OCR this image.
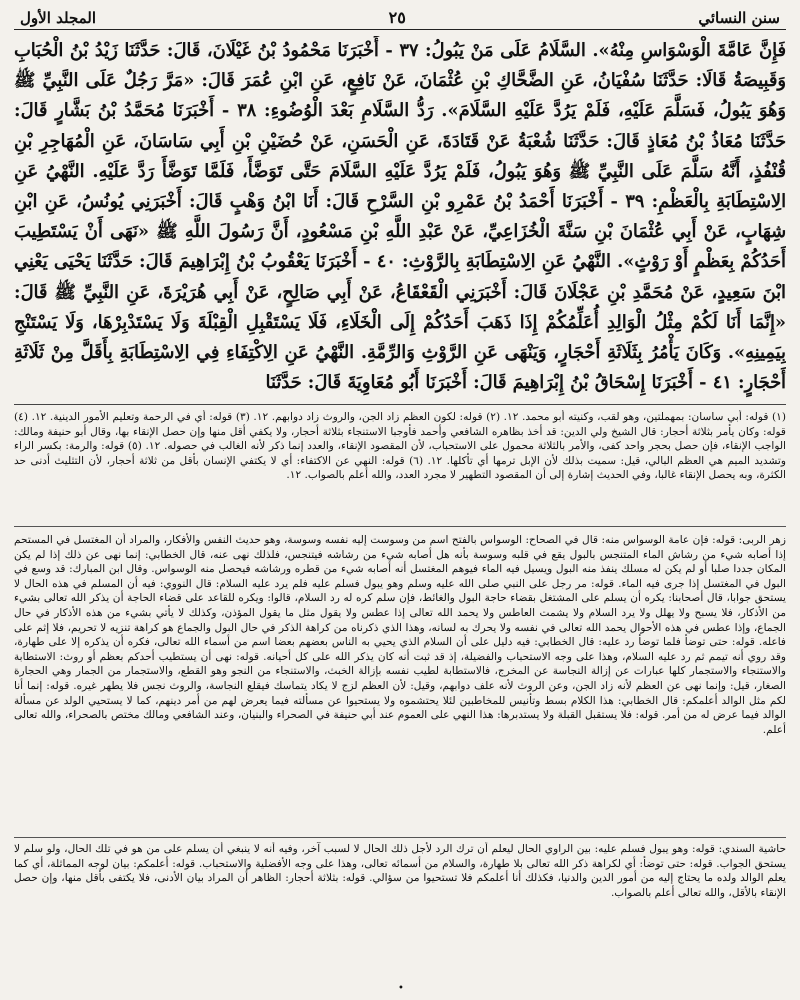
سنن النسائي
٢٥
المجلد الأول
فَإِنَّ عَامَّةَ الْوَسْوَاسِ مِنْهُ». السَّلَامُ عَلَى مَنْ يَبُولُ: ٣٧ - أَخْبَرَنَا مَحْمُودُ بْنُ غَيْلَانَ، قَالَ: حَدَّثَنَا زَيْدُ بْنُ الْحُبَابِ وَقَبِيصَةُ قَالَا: حَدَّثَنَا سُفْيَانُ، عَنِ الضَّحَّاكِ بْنِ عُثْمَانَ، عَنْ نَافِعٍ، عَنِ ابْنِ عُمَرَ قَالَ: «مَرَّ رَجُلٌ عَلَى النَّبِيِّ ﷺ وَهُوَ يَبُولُ، فَسَلَّمَ عَلَيْهِ، فَلَمْ يَرُدَّ عَلَيْهِ السَّلَامَ». رَدُّ السَّلَامِ بَعْدَ الْوُضُوءِ: ٣٨ - أَخْبَرَنَا مُحَمَّدُ بْنُ بَشَّارٍ قَالَ: حَدَّثَنَا مُعَاذُ بْنُ مُعَاذٍ قَالَ: حَدَّثَنَا شُعْبَةُ عَنْ قَتَادَةَ، عَنِ الْحَسَنِ، عَنْ حُضَيْنِ بْنِ أَبِي سَاسَانَ، عَنِ الْمُهَاجِرِ بْنِ قُنْفُذٍ، أَنَّهُ سَلَّمَ عَلَى النَّبِيِّ ﷺ وَهُوَ يَبُولُ، فَلَمْ يَرُدَّ عَلَيْهِ السَّلَامَ حَتَّى تَوَضَّأَ، فَلَمَّا تَوَضَّأَ رَدَّ عَلَيْهِ. النَّهْيُ عَنِ الِاسْتِطَابَةِ بِالْعَظْمِ: ٣٩ - أَخْبَرَنَا أَحْمَدُ بْنُ عَمْرِو بْنِ السَّرْحِ قَالَ: أَنَا ابْنُ وَهْبٍ قَالَ: أَخْبَرَنِي يُونُسُ، عَنِ ابْنِ شِهَابٍ، عَنْ أَبِي عُثْمَانَ بْنِ سَنَّةَ الْخُزَاعِيِّ، عَنْ عَبْدِ اللَّهِ بْنِ مَسْعُودٍ، أَنَّ رَسُولَ اللَّهِ ﷺ «نَهَى أَنْ يَسْتَطِيبَ أَحَدُكُمْ بِعَظْمٍ أَوْ رَوْثٍ». النَّهْيُ عَنِ الِاسْتِطَابَةِ بِالرَّوْثِ: ٤٠ - أَخْبَرَنَا يَعْقُوبُ بْنُ إِبْرَاهِيمَ قَالَ: حَدَّثَنَا يَحْيَى يَعْنِي ابْنَ سَعِيدٍ، عَنْ مُحَمَّدِ بْنِ عَجْلَانَ قَالَ: أَخْبَرَنِي الْقَعْقَاعُ، عَنْ أَبِي صَالِحٍ، عَنْ أَبِي هُرَيْرَةَ، عَنِ النَّبِيِّ ﷺ قَالَ: «إِنَّمَا أَنَا لَكُمْ مِثْلُ الْوَالِدِ أُعَلِّمُكُمْ إِذَا ذَهَبَ أَحَدُكُمْ إِلَى الْخَلَاءِ، فَلَا يَسْتَقْبِلِ الْقِبْلَةَ وَلَا يَسْتَدْبِرْهَا، وَلَا يَسْتَنْجِ بِيَمِينِهِ». وَكَانَ يَأْمُرُ بِثَلَاثَةِ أَحْجَارٍ، وَيَنْهَى عَنِ الرَّوْثِ وَالرِّمَّةِ. النَّهْيُ عَنِ الِاكْتِفَاءِ فِي الِاسْتِطَابَةِ بِأَقَلَّ مِنْ ثَلَاثَةِ أَحْجَارٍ: ٤١ - أَخْبَرَنَا إِسْحَاقُ بْنُ إِبْرَاهِيمَ قَالَ: أَخْبَرَنَا أَبُو مُعَاوِيَةَ قَالَ: حَدَّثَنَا
(١) قوله: أبي ساسان: بمهملتين، وهو لقب، وكنيته أبو محمد. ١٢. (٢) قوله: لكون العظم زاد الجن، والروث زاد دوابهم. ١٢. (٣) قوله: أي في الرحمة وتعليم الأمور الدينية. ١٢. (٤) قوله: وكان يأمر بثلاثة أحجار: قال الشيخ ولي الدين: قد أخذ بظاهره الشافعي وأحمد فأوجبا الاستنجاء بثلاثة أحجار، ولا يكفي أقل منها وإن حصل الإنقاء بها، وقال أبو حنيفة ومالك: الواجب الإنقاء، فإن حصل بحجر واحد كفى، والأمر بالثلاثة محمول على الاستحباب، لأن المقصود الإنقاء، والعدد إنما ذكر لأنه الغالب في حصوله. ١٢. (٥) قوله: والرمة: بكسر الراء وتشديد الميم هي العظم البالي، قيل: سميت بذلك لأن الإبل ترمها أي تأكلها. ١٢. (٦) قوله: النهي عن الاكتفاء: أي لا يكتفي الإنسان بأقل من ثلاثة أحجار، لأن التثليث أدنى حد الكثرة، وبه يحصل الإنقاء غالبا، وفي الحديث إشارة إلى أن المقصود التطهير لا مجرد العدد، والله أعلم بالصواب. ١٢.
زهر الربى: قوله: فإن عامة الوسواس منه: قال في الصحاح: الوسواس بالفتح اسم من وسوست إليه نفسه وسوسة، وهو حديث النفس والأفكار، والمراد أن المغتسل في المستحم إذا أصابه شيء من رشاش الماء المتنجس بالبول يقع في قلبه وسوسة بأنه هل أصابه شيء من رشاشه فيتنجس، فلذلك نهى عنه، قال الخطابي: إنما نهى عن ذلك إذا لم يكن المكان جددا صلبا أو لم يكن له مسلك ينفذ منه البول ويسيل فيه الماء فيوهم المغتسل أنه أصابه شيء من قطره ورشاشه فيحصل منه الوسواس. وقال ابن المبارك: قد وسع في البول في المغتسل إذا جرى فيه الماء. قوله: مر رجل على النبي صلى الله عليه وسلم وهو يبول فسلم عليه فلم يرد عليه السلام: قال النووي: فيه أن المسلم في هذه الحال لا يستحق جوابا، قال أصحابنا: يكره أن يسلم على المشتغل بقضاء حاجة البول والغائط، فإن سلم كره له رد السلام، قالوا: ويكره للقاعد على قضاء الحاجة أن يذكر الله تعالى بشيء من الأذكار، فلا يسبح ولا يهلل ولا يرد السلام ولا يشمت العاطس ولا يحمد الله تعالى إذا عطس ولا يقول مثل ما يقول المؤذن، وكذلك لا يأتي بشيء من هذه الأذكار في حال الجماع، وإذا عطس في هذه الأحوال يحمد الله تعالى في نفسه ولا يحرك به لسانه، وهذا الذي ذكرناه من كراهة الذكر في حال البول والجماع هو كراهة تنزيه لا تحريم، فلا إثم على فاعله. قوله: حتى توضأ فلما توضأ رد عليه: قال الخطابي: فيه دليل على أن السلام الذي يحيي به الناس بعضهم بعضا اسم من أسماء الله تعالى، فكره أن يذكره إلا على طهارة، وقد روي أنه تيمم ثم رد عليه السلام، وهذا على وجه الاستحباب والفضيلة، إذ قد ثبت أنه كان يذكر الله على كل أحيانه. قوله: نهى أن يستطيب أحدكم بعظم أو روث: الاستطابة والاستنجاء والاستجمار كلها عبارات عن إزالة النجاسة عن المخرج، فالاستطابة لطيب نفسه بإزالة الخبث، والاستنجاء من النجو وهو القطع، والاستجمار من الجمار وهي الحجارة الصغار، قيل: وإنما نهى عن العظم لأنه زاد الجن، وعن الروث لأنه علف دوابهم، وقيل: لأن العظم لزج لا يكاد يتماسك فيقلع النجاسة، والروث نجس فلا يطهر غيره. قوله: إنما أنا لكم مثل الوالد أعلمكم: قال الخطابي: هذا الكلام بسط وتأنيس للمخاطبين لئلا يحتشموه ولا يستحيوا عن مسألته فيما يعرض لهم من أمر دينهم، كما لا يستحيي الولد عن مسألة الوالد فيما عرض له من أمر. قوله: فلا يستقبل القبلة ولا يستدبرها: هذا النهي على العموم عند أبي حنيفة في الصحراء والبنيان، وعند الشافعي ومالك مختص بالصحراء، والله تعالى أعلم.
حاشية السندي: قوله: وهو يبول فسلم عليه: بين الراوي الحال ليعلم أن ترك الرد لأجل ذلك الحال لا لسبب آخر، وفيه أنه لا ينبغي أن يسلم على من هو في تلك الحال، ولو سلم لا يستحق الجواب. قوله: حتى توضأ: أي لكراهة ذكر الله تعالى بلا طهارة، والسلام من أسمائه تعالى، وهذا على وجه الأفضلية والاستحباب. قوله: أعلمكم: بيان لوجه المماثلة، أي كما يعلم الوالد ولده ما يحتاج إليه من أمور الدين والدنيا، فكذلك أنا أعلمكم فلا تستحيوا من سؤالي. قوله: بثلاثة أحجار: الظاهر أن المراد بيان الأدنى، فلا يكتفى بأقل منها، وإن حصل الإنقاء بالأقل، والله تعالى أعلم بالصواب.
•
